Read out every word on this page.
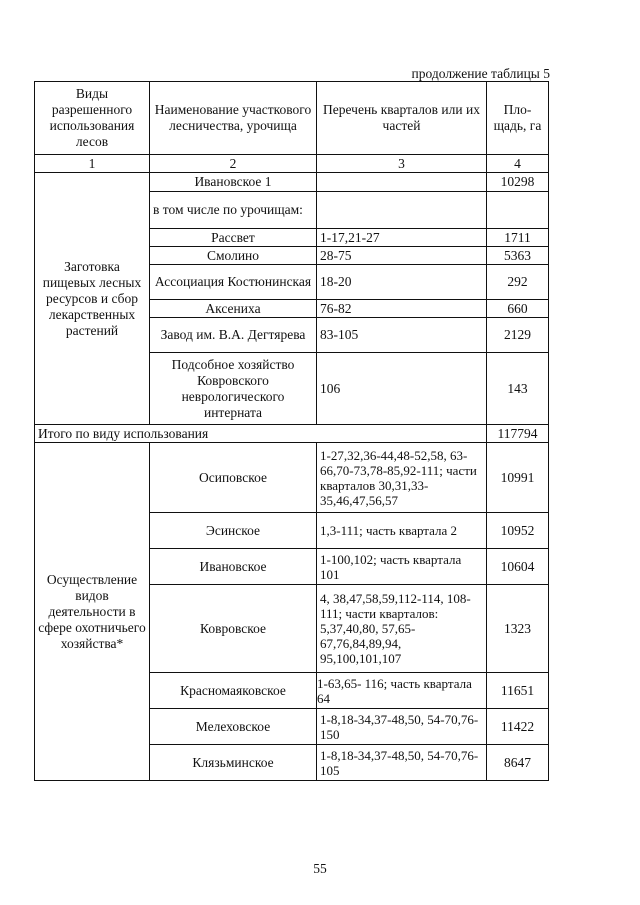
продолжение таблицы 5
Виды разрешенного использования лесов	Наименование участкового лесничества, урочища	Перечень кварталов или их частей	Пло- щадь, га
1	2	3	4
Заготовка пищевых лесных ресурсов и сбор лекарственных растений	Ивановское 1		10298
	в том числе по урочищам:		
	Рассвет	1-17,21-27	1711
	Смолино	28-75	5363
	Ассоциация Костюнинская	18-20	292
	Аксениха	76-82	660
	Завод им. В.А. Дегтярева	83-105	2129
	Подсобное хозяйство Ковровского неврологического интерната	106	143
Итого по виду использования			117794
Осуществление видов деятельности в сфере охотничьего хозяйства*	Осиповское	1-27,32,36-44,48-52,58, 63-66,70-73,78-85,92-111; части кварталов 30,31,33-35,46,47,56,57	10991
	Эсинское	1,3-111; часть квартала 2	10952
	Ивановское	1-100,102; часть квартала 101	10604
	Ковровское	4, 38,47,58,59,112-114, 108-111; части кварталов: 5,37,40,80, 57,65-67,76,84,89,94, 95,100,101,107	1323
	Красномаяковское	1-63,65- 116; часть квартала 64	11651
	Мелеховское	1-8,18-34,37-48,50, 54-70,76-150	11422
	Клязьминское	1-8,18-34,37-48,50, 54-70,76-105	8647
55
